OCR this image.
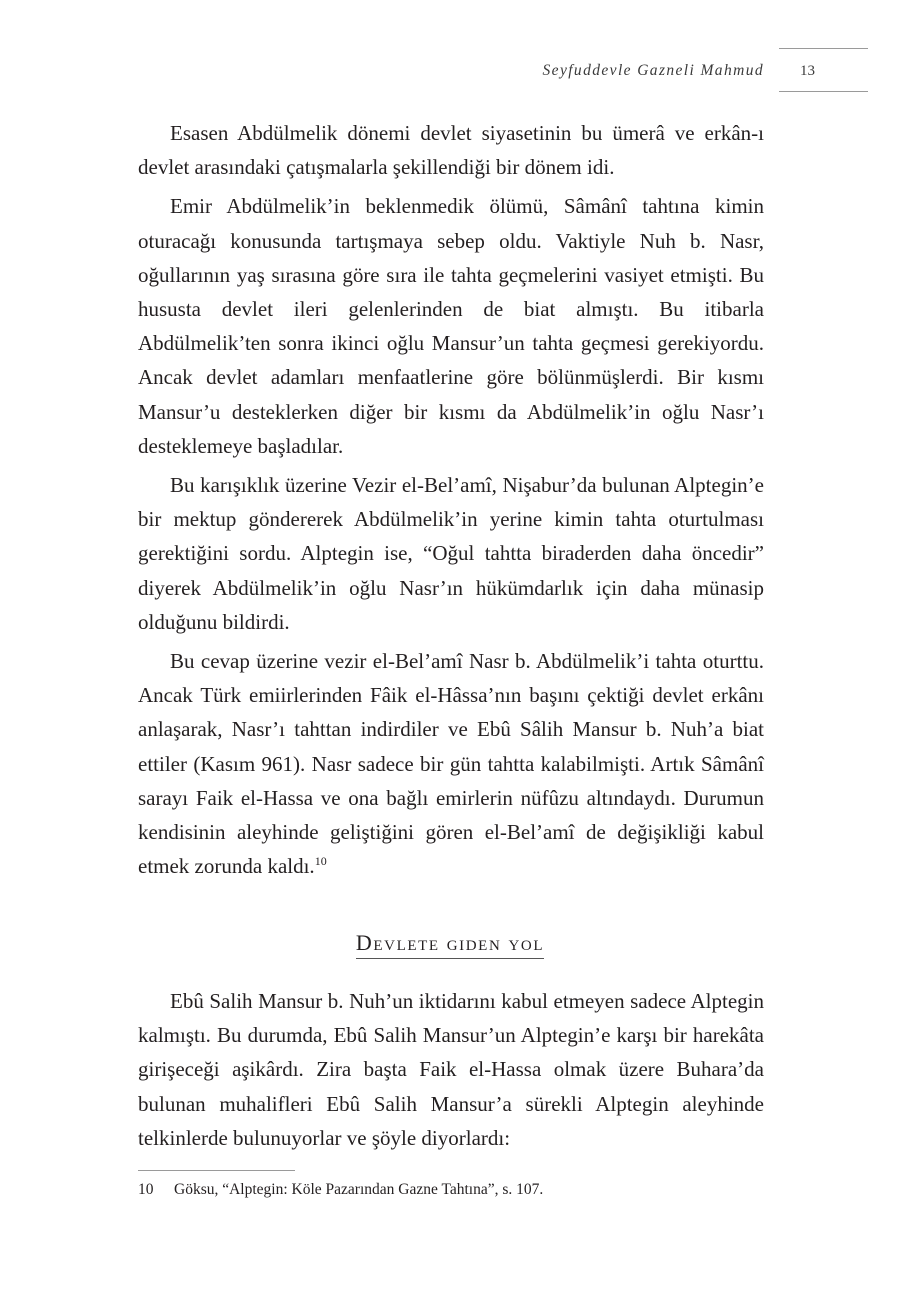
Seyfuddevle Gazneli Mahmud 13

Esasen Abdülmelik dönemi devlet siyasetinin bu ümerâ ve erkân-ı devlet arasındaki çatışmalarla şekillendiği bir dönem idi.

Emir Abdülmelik’in beklenmedik ölümü, Sâmânî tahtına kimin oturacağı konusunda tartışmaya sebep oldu. Vaktiyle Nuh b. Nasr, oğullarının yaş sırasına göre sıra ile tahta geçmelerini vasiyet etmişti. Bu hususta devlet ileri gelenlerinden de biat almıştı. Bu itibarla Abdülmelik’ten sonra ikinci oğlu Mansur’un tahta geçmesi gerekiyordu. Ancak devlet adamları menfaatlerine göre bölünmüşlerdi. Bir kısmı Mansur’u desteklerken diğer bir kısmı da Abdülmelik’in oğlu Nasr’ı desteklemeye başladılar.

Bu karışıklık üzerine Vezir el-Bel’amî, Nişabur’da bulunan Alptegin’e bir mektup göndererek Abdülmelik’in yerine kimin tahta oturtulması gerektiğini sordu. Alptegin ise, “Oğul tahtta biraderden daha öncedir” diyerek Abdülmelik’in oğlu Nasr’ın hükümdarlık için daha münasip olduğunu bildirdi.

Bu cevap üzerine vezir el-Bel’amî Nasr b. Abdülmelik’i tahta oturttu. Ancak Türk emiirlerinden Fâik el-Hâssa’nın başını çektiği devlet erkânı anlaşarak, Nasr’ı tahttan indirdiler ve Ebû Sâlih Mansur b. Nuh’a biat ettiler (Kasım 961). Nasr sadece bir gün tahtta kalabilmişti. Artık Sâmânî sarayı Faik el-Hassa ve ona bağlı emirlerin nüfûzu altındaydı. Durumun kendisinin aleyhinde geliştiğini gören el-Bel’amî de değişikliği kabul etmek zorunda kaldı.$^{10}$

Devlete giden yol

Ebû Salih Mansur b. Nuh’un iktidarını kabul etmeyen sadece Alptegin kalmıştı. Bu durumda, Ebû Salih Mansur’un Alptegin’e karşı bir harekâta girişeceği aşikârdı. Zira başta Faik el-Hassa olmak üzere Buhara’da bulunan muhalifleri Ebû Salih Mansur’a sürekli Alptegin aleyhinde telkinlerde bulunuyorlar ve şöyle diyorlardı:

10 Göksu, “Alptegin: Köle Pazarından Gazne Tahtına”, s. 107.
